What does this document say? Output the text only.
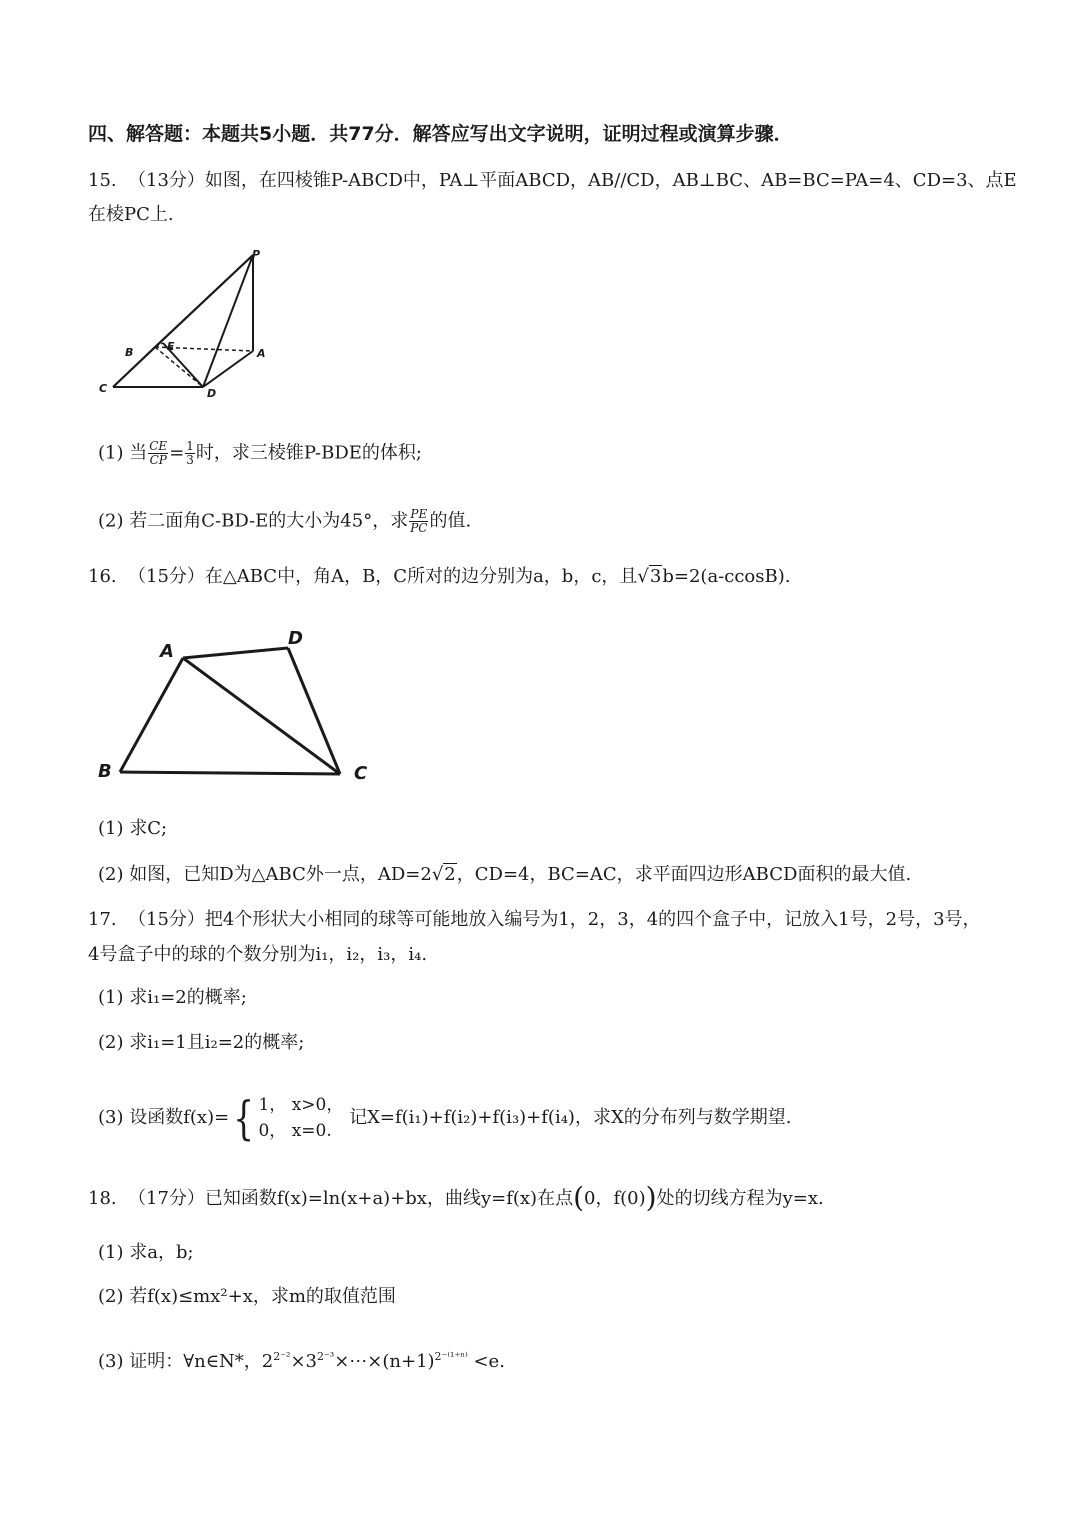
四、解答题：本题共5小题．共77分．解答应写出文字说明，证明过程或演算步骤．
15. （13分）如图，在四棱锥P-ABCD中，PA⊥平面ABCD，AB//CD，AB⊥BC、AB=BC=PA=4、CD=3、点E
在棱PC上.
P
A
B
C	D
E
(1) 当 $\frac{CE}{CP} = \frac{1}{3}$ 时，求三棱锥P-BDE的体积;
(2) 若二面角C-BD-E的大小为45°，求 $\frac{PE}{PC}$ 的值.
16. （15分）在△ABC中，角A，B，C所对的边分别为a，b，c，且√3b=2(a-ccosB).
A
D
B	C
(1) 求C;
(2) 如图，已知D为△ABC外一点，AD=2√2，CD=4，BC=AC，求平面四边形ABCD面积的最大值.
17. （15分）把4个形状大小相同的球等可能地放入编号为1，2，3，4的四个盒子中，记放入1号，2号，3号，
4号盒子中的球的个数分别为i₁，i₂，i₃，i₄.
(1) 求i₁=2的概率;
(2) 求i₁=1且i₂=2的概率;
(3) 设函数f(x)={ 1， x>0，
0， x=0.
记X=f(i₁)+f(i₂)+f(i₃)+f(i₄)，求X的分布列与数学期望.
18. （17分）已知函数f(x)=ln(x+a)+bx，曲线y=f(x)在点(0，f(0))处的切线方程为y=x.
(1) 求a，b;
(2) 若f(x)≤mx²+x，求m的取值范围
(3) 证明：∀n∈N*，$2^{2^{-2}}\times 3^{2^{-3}}\times\cdots\times(n+1)^{2^{-(1+n)}} <e$.
